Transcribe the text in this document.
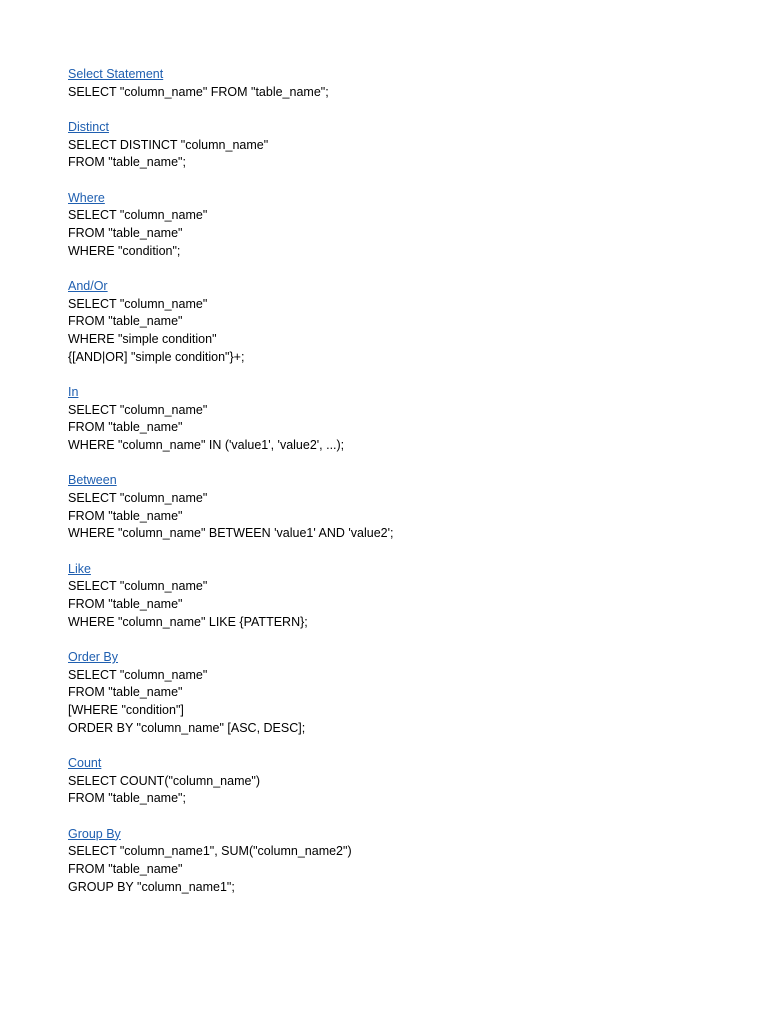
Select Statement
SELECT "column_name" FROM "table_name";
Distinct
SELECT DISTINCT "column_name"
FROM "table_name";
Where
SELECT "column_name"
FROM "table_name"
WHERE "condition";
And/Or
SELECT "column_name"
FROM "table_name"
WHERE "simple condition"
{[AND|OR] "simple condition"}+;
In
SELECT "column_name"
FROM "table_name"
WHERE "column_name" IN ('value1', 'value2', ...);
Between
SELECT "column_name"
FROM "table_name"
WHERE "column_name" BETWEEN 'value1' AND 'value2';
Like
SELECT "column_name"
FROM "table_name"
WHERE "column_name" LIKE {PATTERN};
Order By
SELECT "column_name"
FROM "table_name"
[WHERE "condition"]
ORDER BY "column_name" [ASC, DESC];
Count
SELECT COUNT("column_name")
FROM "table_name";
Group By
SELECT "column_name1", SUM("column_name2")
FROM "table_name"
GROUP BY "column_name1";
